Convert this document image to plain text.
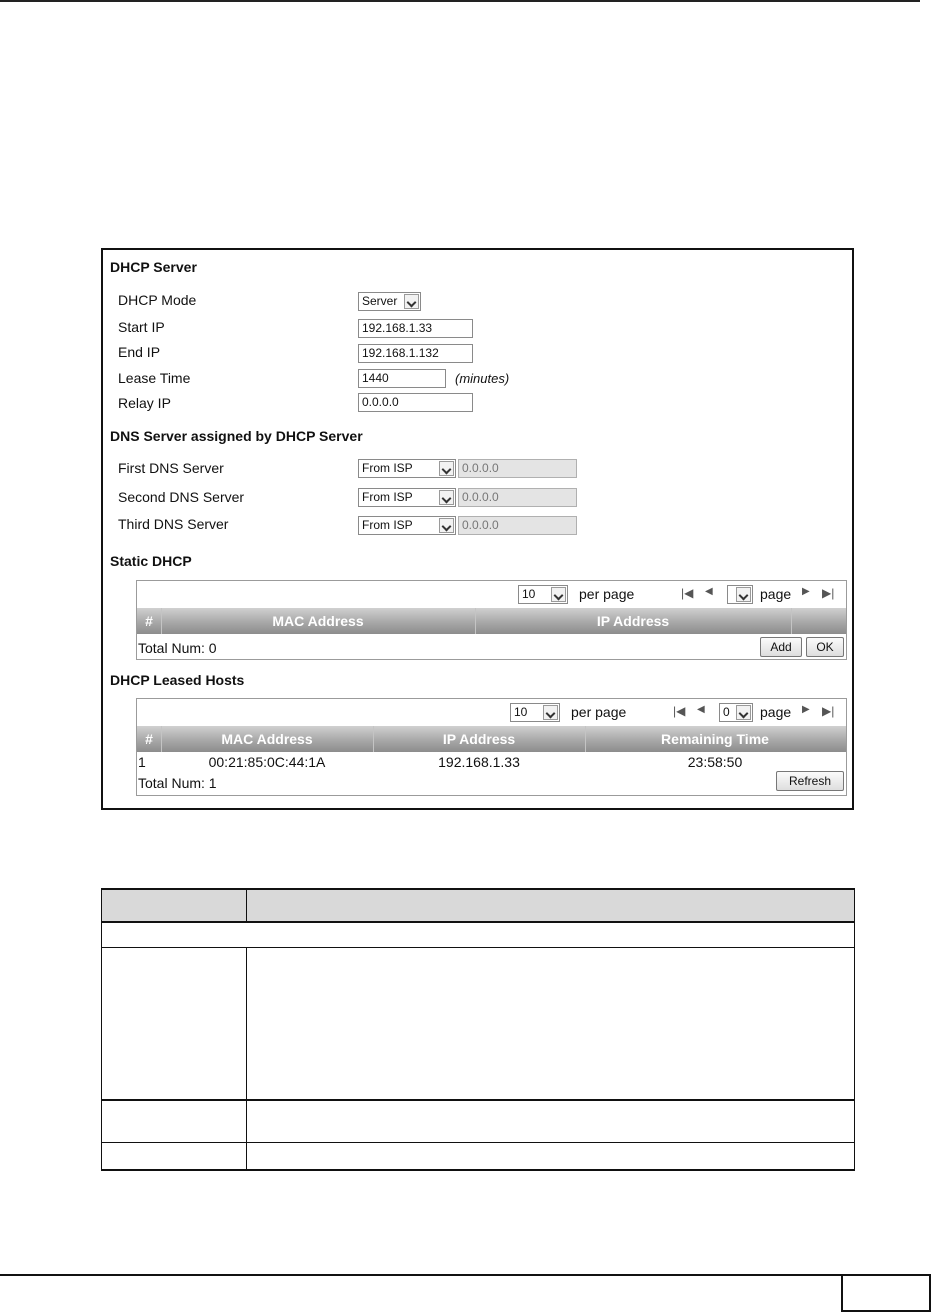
DHCP Server
DHCP Mode	Server
Start IP	192.168.1.33
End IP	192.168.1.132
Lease Time	1440	(minutes)
Relay IP	0.0.0.0
DNS Server assigned by DHCP Server
First DNS Server	From ISP	0.0.0.0
Second DNS Server	From ISP	0.0.0.0
Third DNS Server	From ISP	0.0.0.0
Static DHCP
10	per page	|◀ ◀	page ▶ ▶|
#	MAC Address	IP Address
Total Num: 0	Add	OK
DHCP Leased Hosts
10	per page	|◀ ◀	0	page ▶ ▶|
#	MAC Address	IP Address	Remaining Time
1	00:21:85:0C:44:1A	192.168.1.33	23:58:50
Total Num: 1	Refresh
